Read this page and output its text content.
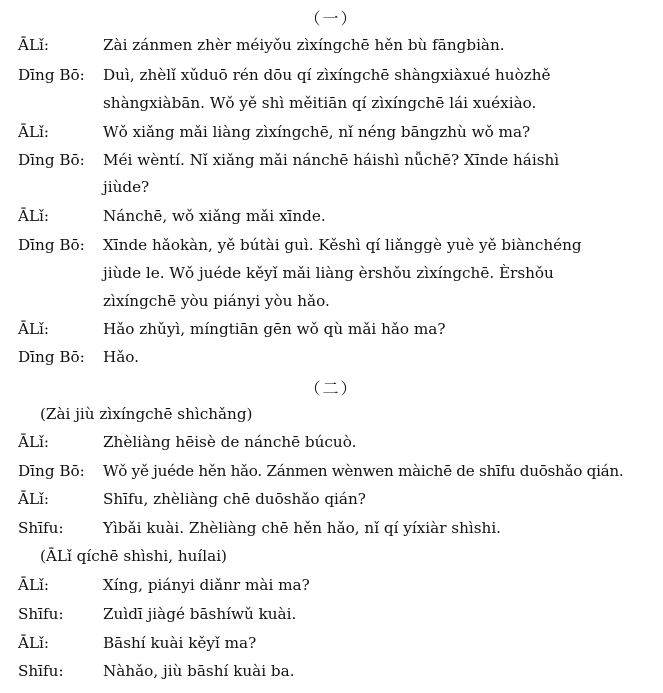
（一）
ĀLǐ:	Zài zánmen zhèr méiyǒu zìxíngchē hěn bù fāngbiàn.
Dīng Bō: Duì, zhèlǐ xǔduō rén dōu qí zìxíngchē shàngxiàxué huòzhě
shàngxiàbān. Wǒ yě shì měitiān qí zìxíngchē lái xuéxiào.
ĀLǐ:	Wǒ xiǎng mǎi liàng zìxíngchē, nǐ néng bāngzhù wǒ ma?
Dīng Bō: Méi wèntí. Nǐ xiǎng mǎi nánchē háishì nǚchē? Xīnde háishì
jiùde?
ĀLǐ:	Nánchē, wǒ xiǎng mǎi xīnde.
Dīng Bō: Xīnde hǎokàn, yě bútài guì. Kěshì qí liǎnggè yuè yě biànchéng
jiùde le. Wǒ juéde kěyǐ mǎi liàng èrshǒu zìxíngchē. Èrshǒu
zìxíngchē yòu piányi yòu hǎo.
ĀLǐ:	Hǎo zhǔyì, míngtiān gēn wǒ qù mǎi hǎo ma?
Dīng Bō: Hǎo.
（二）
(Zài jiù zìxíngchē shìchǎng)
ĀLǐ:	Zhèliàng hēisè de nánchē búcuò.
Dīng Bō: Wǒ yě juéde hěn hǎo. Zánmen wènwen màichē de shīfu duōshǎo qián.
ĀLǐ:	Shīfu, zhèliàng chē duōshǎo qián?
Shīfu:	Yìbǎi kuài. Zhèliàng chē hěn hǎo, nǐ qí yíxiàr shìshi.
(ĀLǐ qíchē shìshi, huílai)
ĀLǐ:	Xíng, piányi diǎnr mài ma?
Shīfu:	Zuìdī jiàgé bāshíwǔ kuài.
ĀLǐ:	Bāshí kuài kěyǐ ma?
Shīfu:	Nàhǎo, jiù bāshí kuài ba.
